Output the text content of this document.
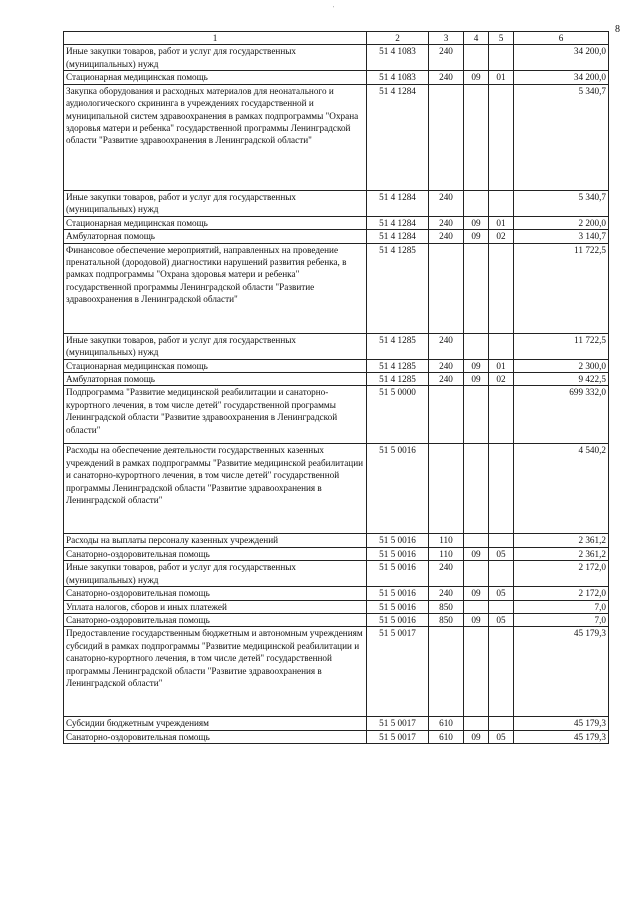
'
8
1	2	3	4	5	6
Иные закупки товаров, работ и услуг для государственных (муниципальных) нужд	51 4 1083	240			34 200,0
Стационарная медицинская помощь	51 4 1083	240	09	01	34 200,0
Закупка оборудования и расходных материалов для неонатального и аудиологического скрининга в учреждениях государственной и муниципальной систем здравоохранения в рамках подпрограммы "Охрана здоровья матери и ребенка" государственной программы Ленинградской области "Развитие здравоохранения в Ленинградской области"	51 4 1284				5 340,7
Иные закупки товаров, работ и услуг для государственных (муниципальных) нужд	51 4 1284	240			5 340,7
Стационарная медицинская помощь	51 4 1284	240	09	01	2 200,0
Амбулаторная помощь	51 4 1284	240	09	02	3 140,7
Финансовое обеспечение мероприятий, направленных на проведение пренатальной (дородовой) диагностики нарушений развития ребенка, в рамках подпрограммы "Охрана здоровья матери и ребенка" государственной программы Ленинградской области "Развитие здравоохранения в Ленинградской области"	51 4 1285				11 722,5
Иные закупки товаров, работ и услуг для государственных (муниципальных) нужд	51 4 1285	240			11 722,5
Стационарная медицинская помощь	51 4 1285	240	09	01	2 300,0
Амбулаторная помощь	51 4 1285	240	09	02	9 422,5
Подпрограмма "Развитие медицинской реабилитации и санаторно-курортного лечения, в том числе детей" государственной программы Ленинградской области "Развитие здравоохранения в Ленинградской области"	51 5 0000				699 332,0
Расходы на обеспечение деятельности государственных казенных учреждений в рамках подпрограммы "Развитие медицинской реабилитации и санаторно-курортного лечения, в том числе детей" государственной программы Ленинградской области "Развитие здравоохранения в Ленинградской области"	51 5 0016				4 540,2
Расходы на выплаты персоналу казенных учреждений	51 5 0016	110			2 361,2
Санаторно-оздоровительная помощь	51 5 0016	110	09	05	2 361,2
Иные закупки товаров, работ и услуг для государственных (муниципальных) нужд	51 5 0016	240			2 172,0
Санаторно-оздоровительная помощь	51 5 0016	240	09	05	2 172,0
Уплата налогов, сборов и иных платежей	51 5 0016	850			7,0
Санаторно-оздоровительная помощь	51 5 0016	850	09	05	7,0
Предоставление государственным бюджетным и автономным учреждениям субсидий в рамках подпрограммы "Развитие медицинской реабилитации и санаторно-курортного лечения, в том числе детей" государственной программы Ленинградской области "Развитие здравоохранения в Ленинградской области"	51 5 0017				45 179,3
Субсидии бюджетным учреждениям	51 5 0017	610			45 179,3
Санаторно-оздоровительная помощь	51 5 0017	610	09	05	45 179,3
